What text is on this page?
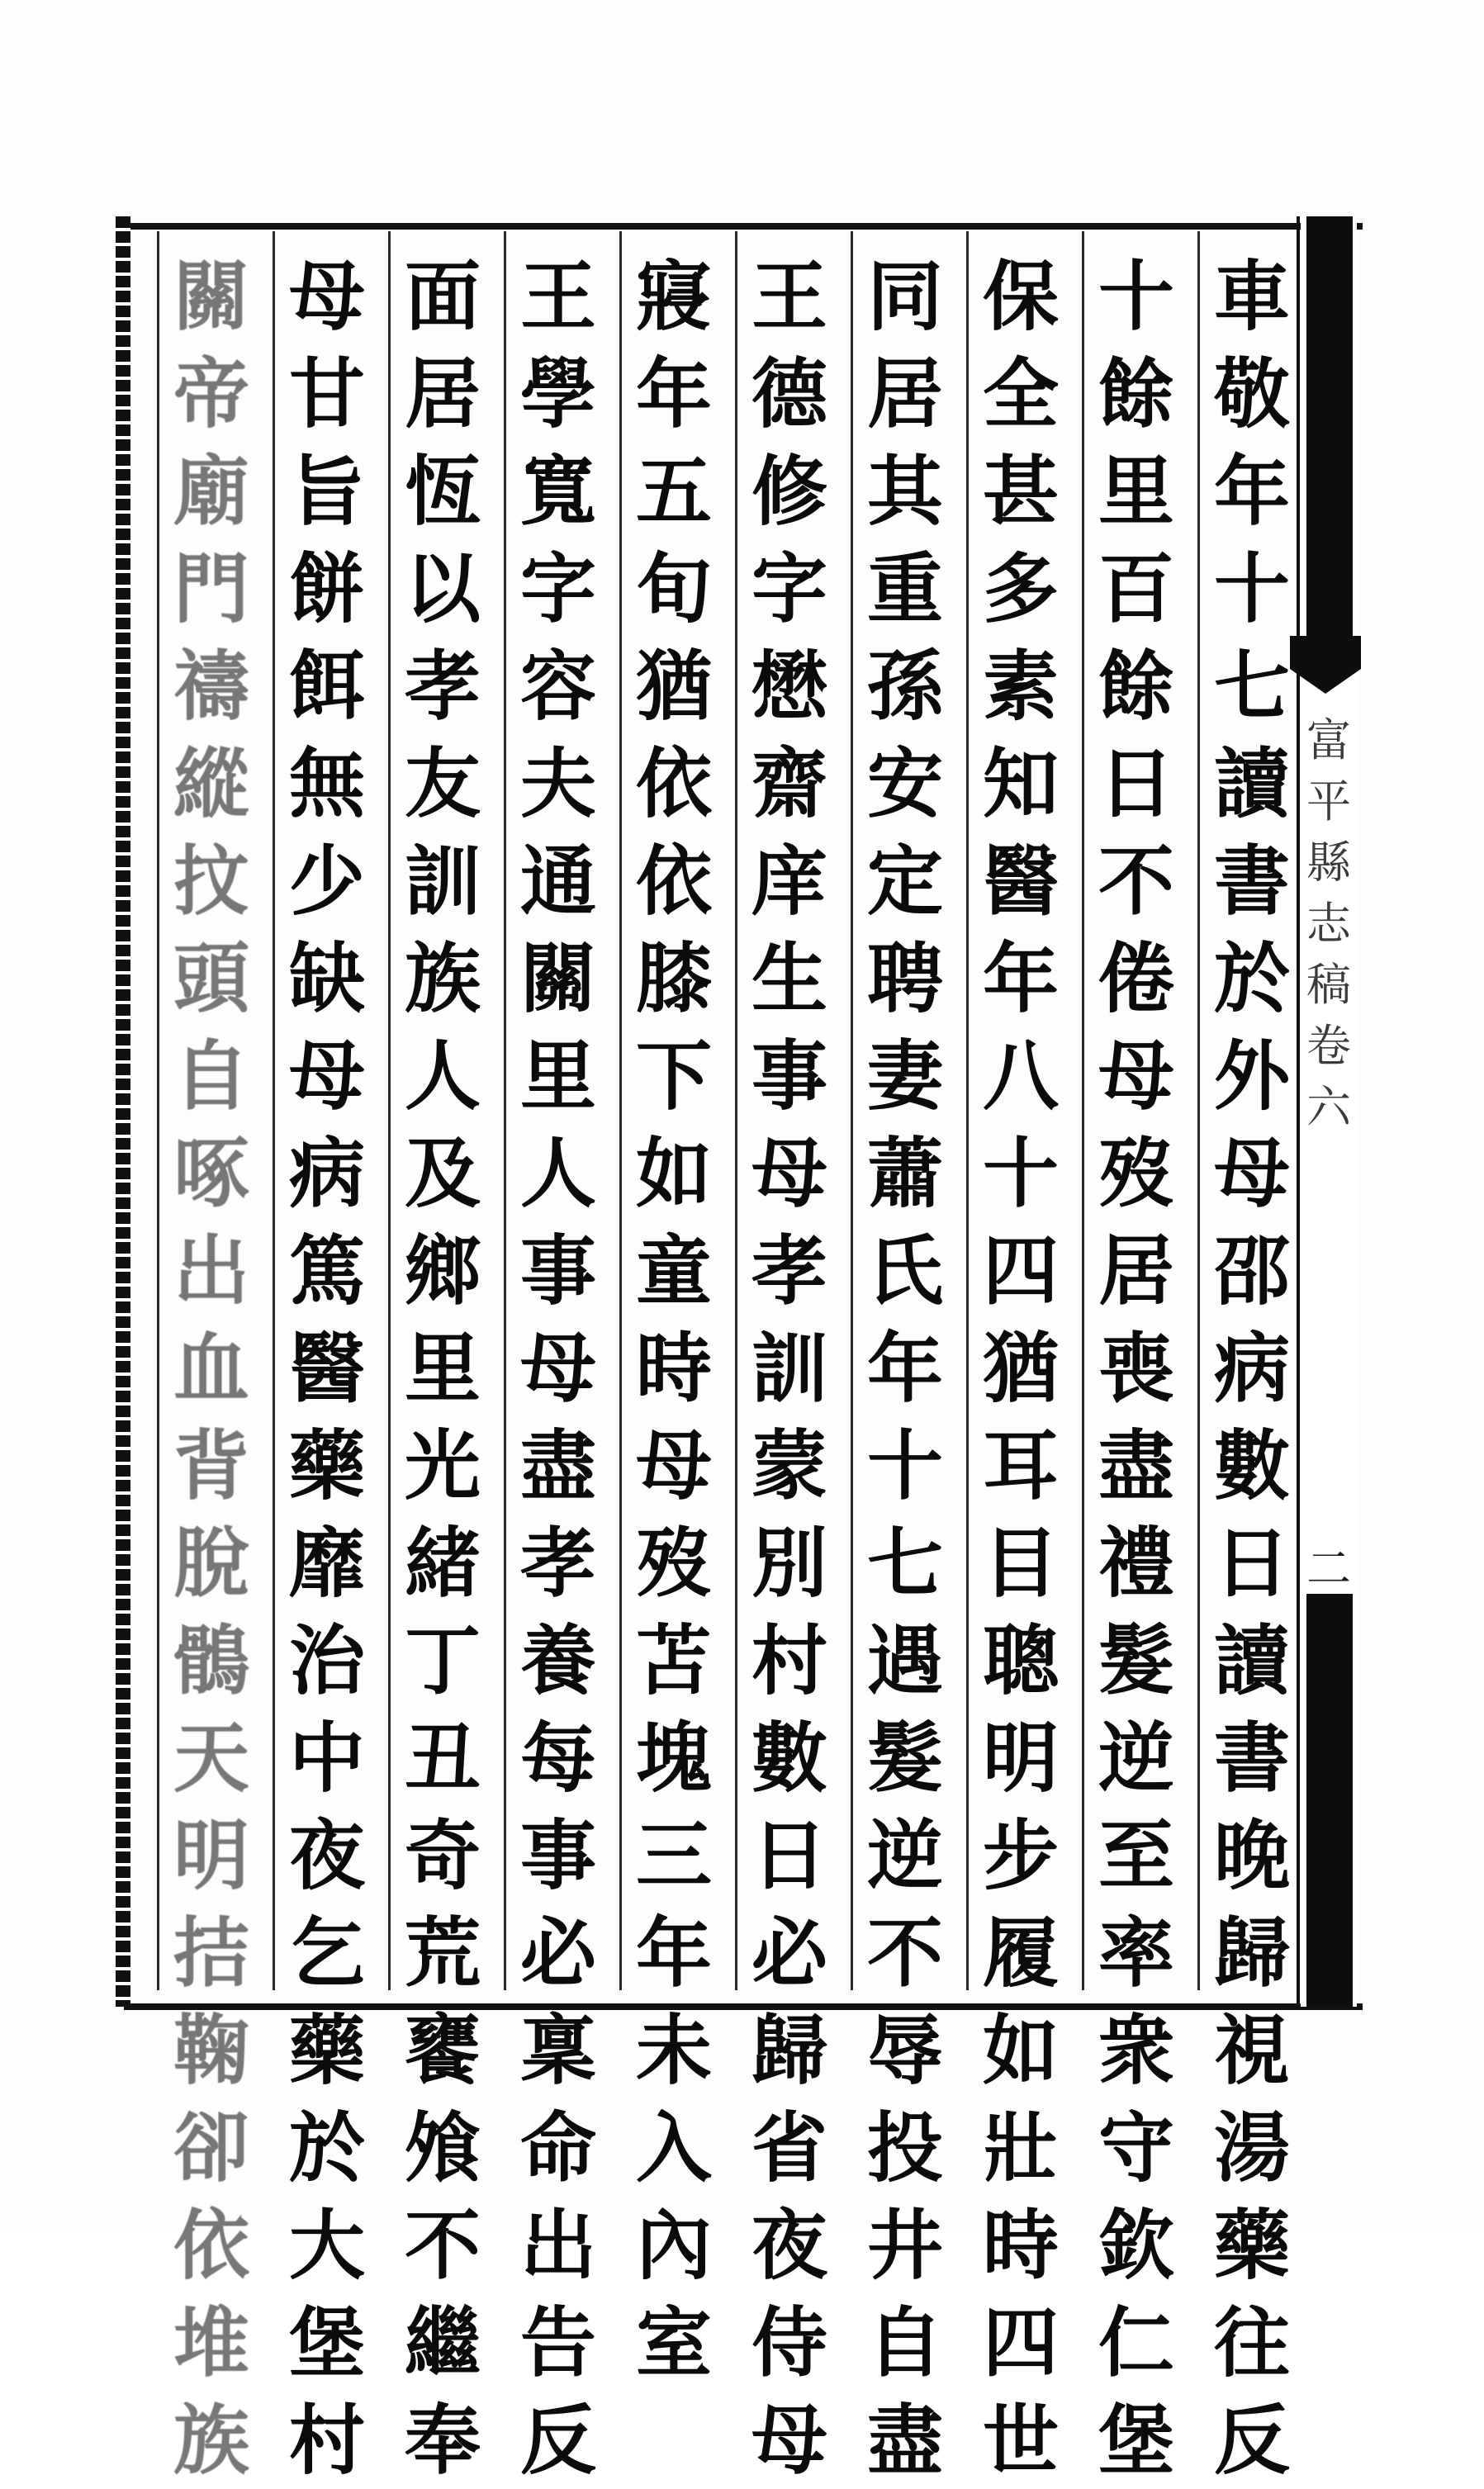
富
平
縣
志
稿
卷
六
二
車
敬
年
十
七
讀
書
於
外
母
邵
病
數
日
讀
書
晚
歸
視
湯
藥
往
反
十
餘
里
百
餘
日
不
倦
母
歿
居
喪
盡
禮
髮
逆
至
率
衆
守
欽
仁
堡
保
全
甚
多
素
知
醫
年
八
十
四
猶
耳
目
聰
明
步
履
如
壯
時
四
世
同
居
其
重
孫
安
定
聘
妻
蕭
氏
年
十
七
遇
髮
逆
不
辱
投
井
自
盡
王
德
修
字
懋
齋
庠
生
事
母
孝
訓
蒙
別
村
數
日
必
歸
省
夜
侍
母
寢
年
五
旬
猶
依
依
膝
下
如
童
時
母
歿
苫
塊
三
年
未
入
內
室
王
學
寬
字
容
夫
通
關
里
人
事
母
盡
孝
養
每
事
必
稟
命
出
告
反
面
居
恆
以
孝
友
訓
族
人
及
鄉
里
光
緒
丁
丑
奇
荒
饔
飧
不
繼
奉
母
甘
旨
餅
餌
無
少
缺
母
病
篤
醫
藥
靡
治
中
夜
乞
藥
於
大
堡
村
關
帝
廟
門
禱
縱
抆
頭
自
啄
出
血
背
脫
鶻
天
明
拮
鞠
卻
依
堆
族
